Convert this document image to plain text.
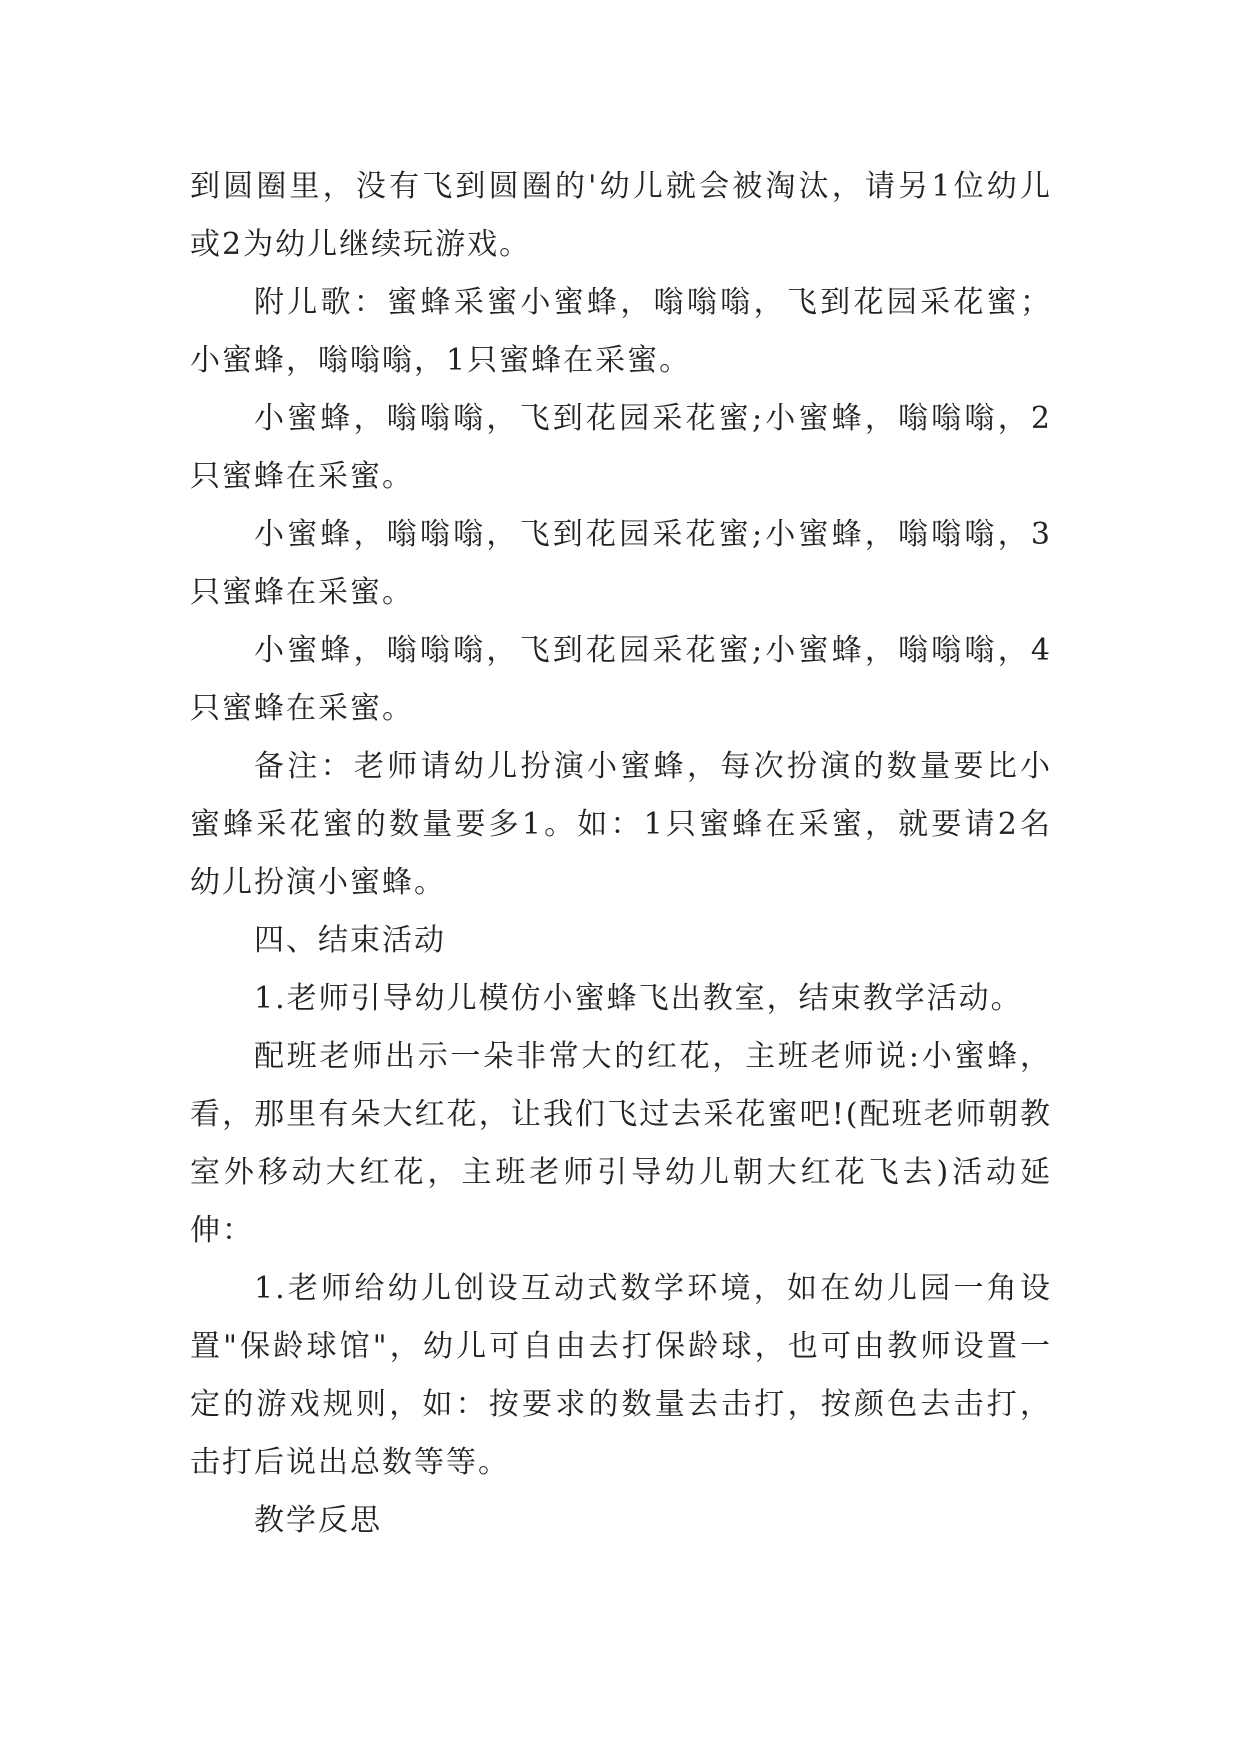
到圆圈里，没有飞到圆圈的'幼儿就会被淘汰，请另1位幼儿或2为幼儿继续玩游戏。

附儿歌：蜜蜂采蜜小蜜蜂，嗡嗡嗡，飞到花园采花蜜；小蜜蜂，嗡嗡嗡，1只蜜蜂在采蜜。

小蜜蜂，嗡嗡嗡，飞到花园采花蜜;小蜜蜂，嗡嗡嗡，2只蜜蜂在采蜜。

小蜜蜂，嗡嗡嗡，飞到花园采花蜜;小蜜蜂，嗡嗡嗡，3只蜜蜂在采蜜。

小蜜蜂，嗡嗡嗡，飞到花园采花蜜;小蜜蜂，嗡嗡嗡，4只蜜蜂在采蜜。

备注：老师请幼儿扮演小蜜蜂，每次扮演的数量要比小蜜蜂采花蜜的数量要多1。如：1只蜜蜂在采蜜，就要请2名幼儿扮演小蜜蜂。

四、结束活动

1.老师引导幼儿模仿小蜜蜂飞出教室，结束教学活动。

配班老师出示一朵非常大的红花，主班老师说:小蜜蜂，看，那里有朵大红花，让我们飞过去采花蜜吧!(配班老师朝教室外移动大红花，主班老师引导幼儿朝大红花飞去)活动延伸：

1.老师给幼儿创设互动式数学环境，如在幼儿园一角设置"保龄球馆"，幼儿可自由去打保龄球，也可由教师设置一定的游戏规则，如：按要求的数量去击打，按颜色去击打，击打后说出总数等等。

教学反思
